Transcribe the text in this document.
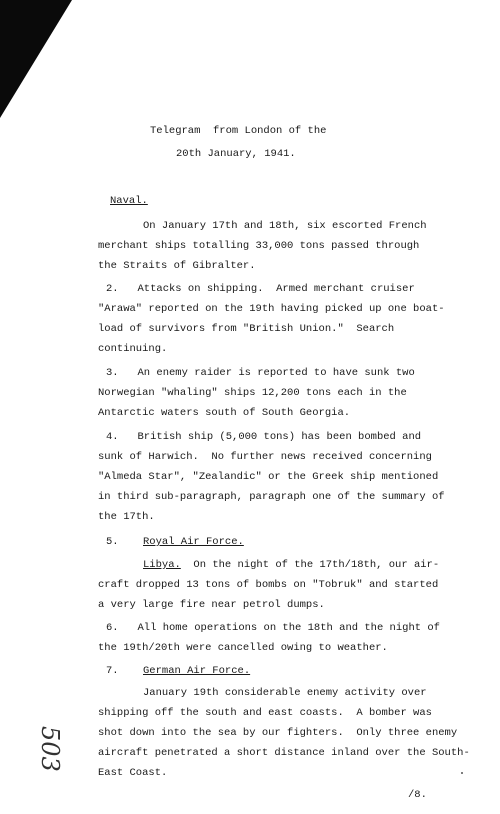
Telegram  from London of the
20th January, 1941.
Naval.
On January 17th and 18th, six escorted French
merchant ships totalling 33,000 tons passed through
the Straits of Gibralter.
2.   Attacks on shipping.  Armed merchant cruiser
"Arawa" reported on the 19th having picked up one boat-
load of survivors from "British Union."  Search
continuing.
3.   An enemy raider is reported to have sunk two
Norwegian "whaling" ships 12,200 tons each in the
Antarctic waters south of South Georgia.
4.   British ship (5,000 tons) has been bombed and
sunk of Harwich.  No further news received concerning
"Almeda Star", "Zealandic" or the Greek ship mentioned
in third sub-paragraph, paragraph one of the summary of
the 17th.
5. Royal Air Force.
Libya.  On the night of the 17th/18th, our air-
craft dropped 13 tons of bombs on "Tobruk" and started
a very large fire near petrol dumps.
6.   All home operations on the 18th and the night of
the 19th/20th were cancelled owing to weather.
7. German Air Force.
January 19th considerable enemy activity over
shipping off the south and east coasts.  A bomber was
shot down into the sea by our fighters.  Only three enemy
aircraft penetrated a short distance inland over the South-
East Coast.
/8.
503
